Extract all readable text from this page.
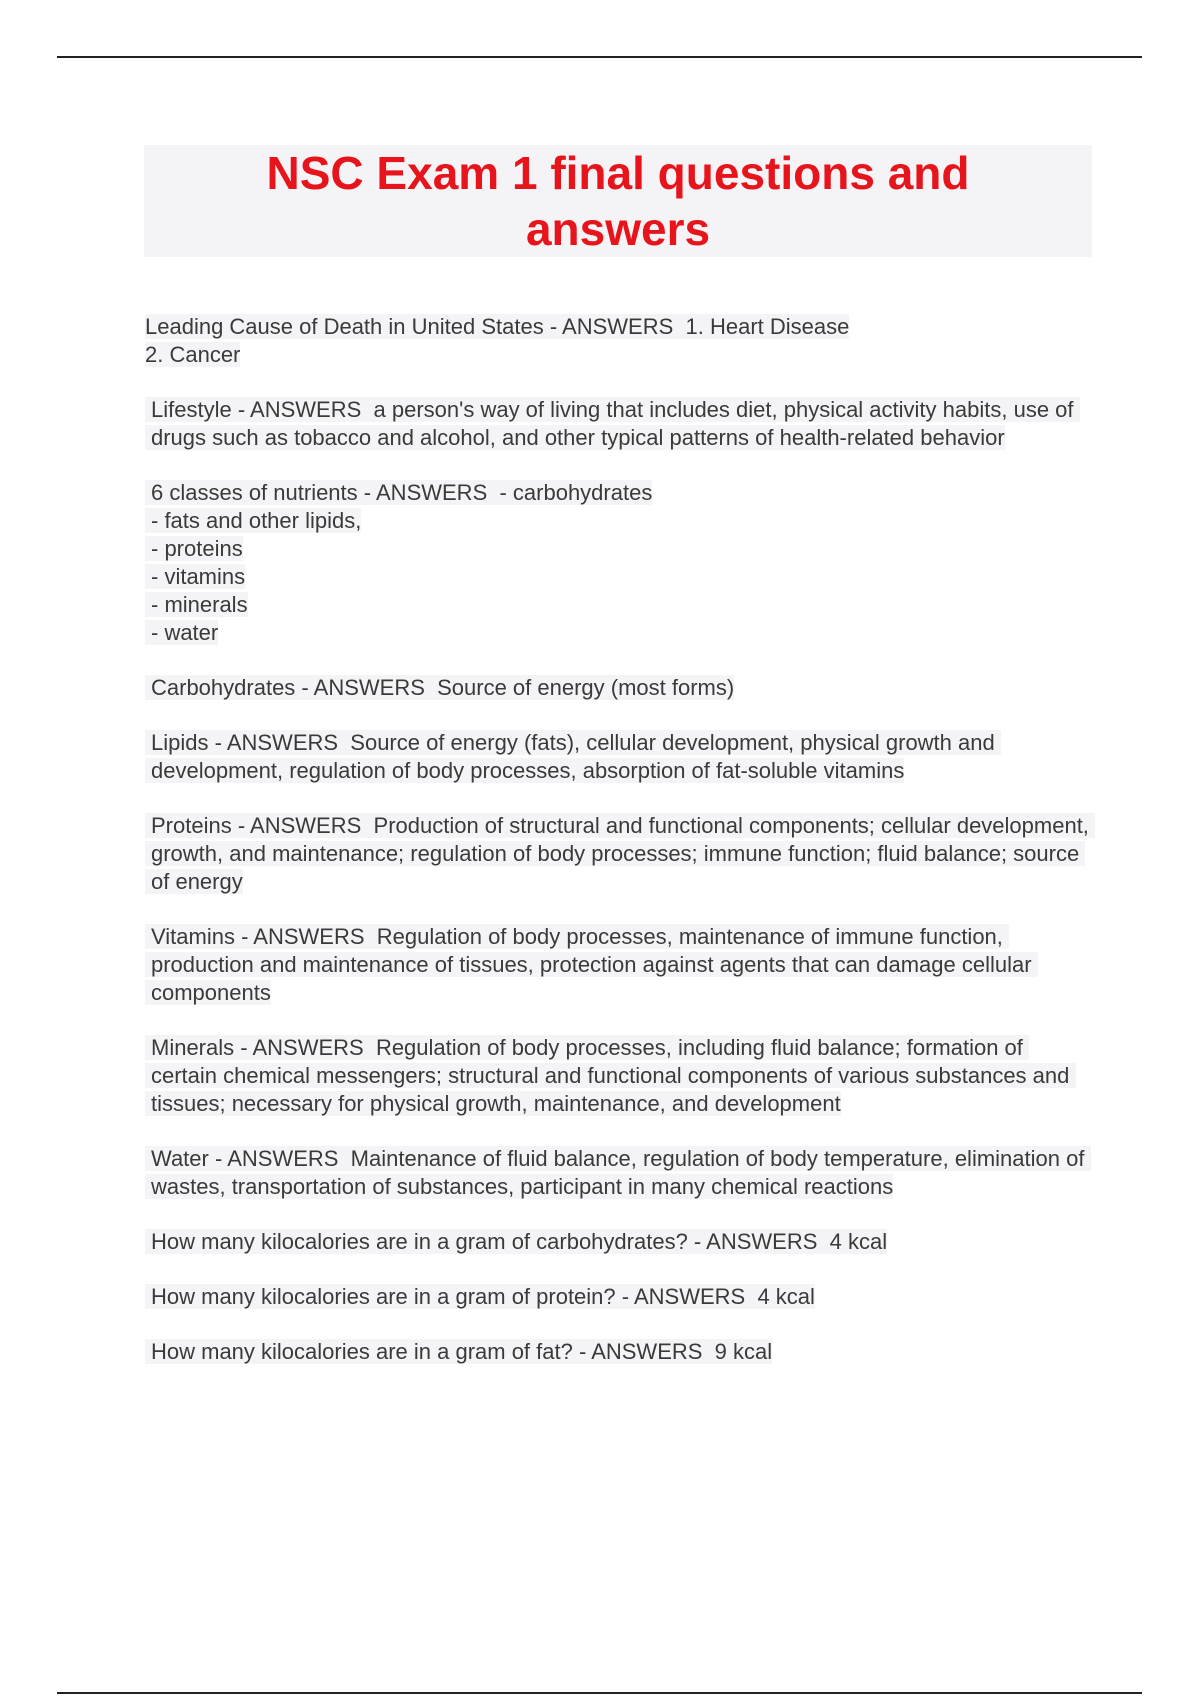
NSC Exam 1 final questions and answers

Leading Cause of Death in United States - ANSWERS  1. Heart Disease
2. Cancer

Lifestyle - ANSWERS  a person's way of living that includes diet, physical activity habits, use of drugs such as tobacco and alcohol, and other typical patterns of health-related behavior

6 classes of nutrients - ANSWERS  - carbohydrates
- fats and other lipids,
- proteins
- vitamins
- minerals
- water

Carbohydrates - ANSWERS  Source of energy (most forms)

Lipids - ANSWERS  Source of energy (fats), cellular development, physical growth and development, regulation of body processes, absorption of fat-soluble vitamins

Proteins - ANSWERS  Production of structural and functional components; cellular development, growth, and maintenance; regulation of body processes; immune function; fluid balance; source of energy

Vitamins - ANSWERS  Regulation of body processes, maintenance of immune function, production and maintenance of tissues, protection against agents that can damage cellular components

Minerals - ANSWERS  Regulation of body processes, including fluid balance; formation of certain chemical messengers; structural and functional components of various substances and tissues; necessary for physical growth, maintenance, and development

Water - ANSWERS  Maintenance of fluid balance, regulation of body temperature, elimination of wastes, transportation of substances, participant in many chemical reactions

How many kilocalories are in a gram of carbohydrates? - ANSWERS  4 kcal

How many kilocalories are in a gram of protein? - ANSWERS  4 kcal

How many kilocalories are in a gram of fat? - ANSWERS  9 kcal
